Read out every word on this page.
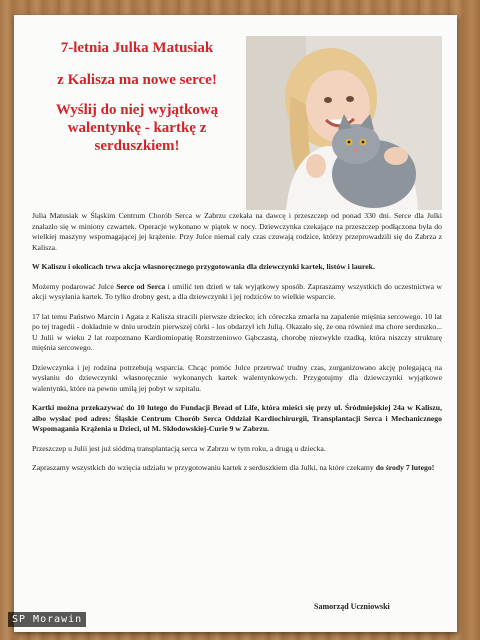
7-letnia Julka Matusiak
z Kalisza ma nowe serce!
Wyślij do niej wyjątkową walentynkę - kartkę z serduszkiem!

Julia Matusiak w Śląskim Centrum Chorób Serca w Zabrzu czekała na dawcę i przeszczep od ponad 330 dni. Serce dla Julki znalazło się w miniony czwartek. Operacje wykonano w piątek w nocy. Dziewczynka czekające na przeszczep podłączona była do wielkiej maszyny wspomagającej jej krążenie. Przy Julce niemal cały czas czuwają rodzice, którzy przeprowadzili się do Zabrza z Kalisza.

W Kaliszu i okolicach trwa akcja własnoręcznego przygotowania dla dziewczynki kartek, listów i laurek.

Możemy podarować Julce Serce od Serca i umilić ten dzień w tak wyjątkowy sposób. Zapraszamy wszystkich do uczestnictwa w akcji wysyłania kartek. To tylko drobny gest, a dla dziewczynki i jej rodziców to wielkie wsparcie.

17 lat temu Państwo Marcin i Agata z Kalisza stracili pierwsze dziecko; ich córeczka zmarła na zapalenie mięśnia sercowego. 10 lat po tej tragedii - dokładnie w dniu urodzin pierwszej córki - los obdarzył ich Julią. Okazało się, że ona również ma chore serduszko... U Julii w wieku 2 lat rozpoznano Kardiomiopatię Rozstrzeniowo Gąbczastą, chorobę niezwykle rzadką, która niszczy strukturę mięśnia sercowego.

Dziewczynka i jej rodzina potrzebują wsparcia. Chcąc pomóc Julce przetrwać trudny czas, zorganizowano akcję polegającą na wysłaniu do dziewczynki własnoręcznie wykonanych kartek walentynkowych. Przygotujmy dla dziewczynki wyjątkowe walentynki, które na pewno umilą jej pobyt w szpitalu.

Kartki można przekazywać do 10 lutego do Fundacji Bread of Life, która mieści się przy ul. Śródmiejskiej 24a w Kaliszu, albo wysłać pod adres: Śląskie Centrum Chorób Serca Oddział Kardiochirurgii, Transplantacji Serca i Mechanicznego Wspomagania Krążenia u Dzieci, ul M. Skłodowskiej-Curie 9 w Zabrzu.

Przeszczep u Julii jest już siódmą transplantacją serca w Zabrzu w tym roku, a drugą u dziecka.

Zapraszamy wszystkich do wzięcia udziału w przygotowaniu kartek z serduszkiem dla Julki, na które czekamy do środy 7 lutego!

Samorząd Uczniowski
SP Morawin
